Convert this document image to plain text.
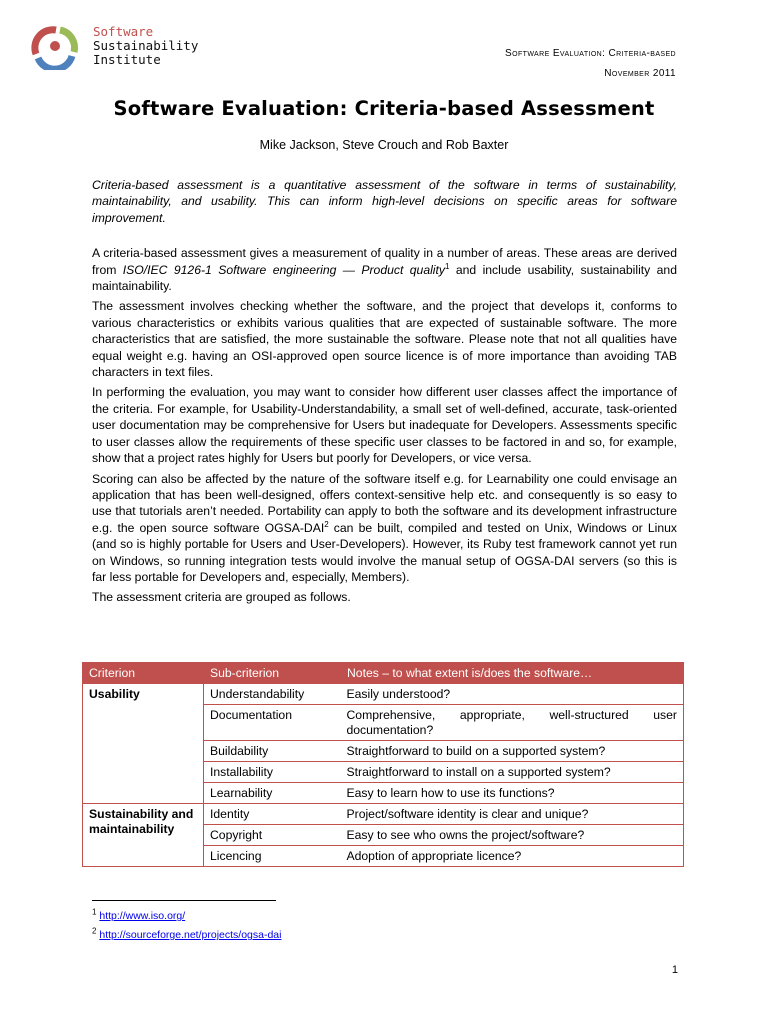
Software
Sustainability
Institute	Software Evaluation: Criteria-based
November 2011
Software Evaluation: Criteria-based Assessment
Mike Jackson, Steve Crouch and Rob Baxter

Criteria-based assessment is a quantitative assessment of the software in terms of sustainability, maintainability, and usability. This can inform high-level decisions on specific areas for software improvement.

A criteria-based assessment gives a measurement of quality in a number of areas. These areas are derived from ISO/IEC 9126-1 Software engineering — Product quality$^1$ and include usability, sustainability and maintainability.

The assessment involves checking whether the software, and the project that develops it, conforms to various characteristics or exhibits various qualities that are expected of sustainable software. The more characteristics that are satisfied, the more sustainable the software. Please note that not all qualities have equal weight e.g. having an OSI-approved open source licence is of more importance than avoiding TAB characters in text files.

In performing the evaluation, you may want to consider how different user classes affect the importance of the criteria. For example, for Usability-Understandability, a small set of well-defined, accurate, task-oriented user documentation may be comprehensive for Users but inadequate for Developers. Assessments specific to user classes allow the requirements of these specific user classes to be factored in and so, for example, show that a project rates highly for Users but poorly for Developers, or vice versa.

Scoring can also be affected by the nature of the software itself e.g. for Learnability one could envisage an application that has been well-designed, offers context-sensitive help etc. and consequently is so easy to use that tutorials aren’t needed. Portability can apply to both the software and its development infrastructure e.g. the open source software OGSA-DAI$^2$ can be built, compiled and tested on Unix, Windows or Linux (and so is highly portable for Users and User-Developers). However, its Ruby test framework cannot yet run on Windows, so running integration tests would involve the manual setup of OGSA-DAI servers (so this is far less portable for Developers and, especially, Members).

The assessment criteria are grouped as follows.

Criterion	Sub-criterion	Notes – to what extent is/does the software…
Usability	Understandability	Easily understood?
	Documentation	Comprehensive, appropriate, well-structured user documentation?
	Buildability	Straightforward to build on a supported system?
	Installability	Straightforward to install on a supported system?
	Learnability	Easy to learn how to use its functions?
Sustainability and maintainability	Identity	Project/software identity is clear and unique?
	Copyright	Easy to see who owns the project/software?
	Licencing	Adoption of appropriate licence?
$^1$ http://www.iso.org/
$^2$ http://sourceforge.net/projects/ogsa-dai
1
